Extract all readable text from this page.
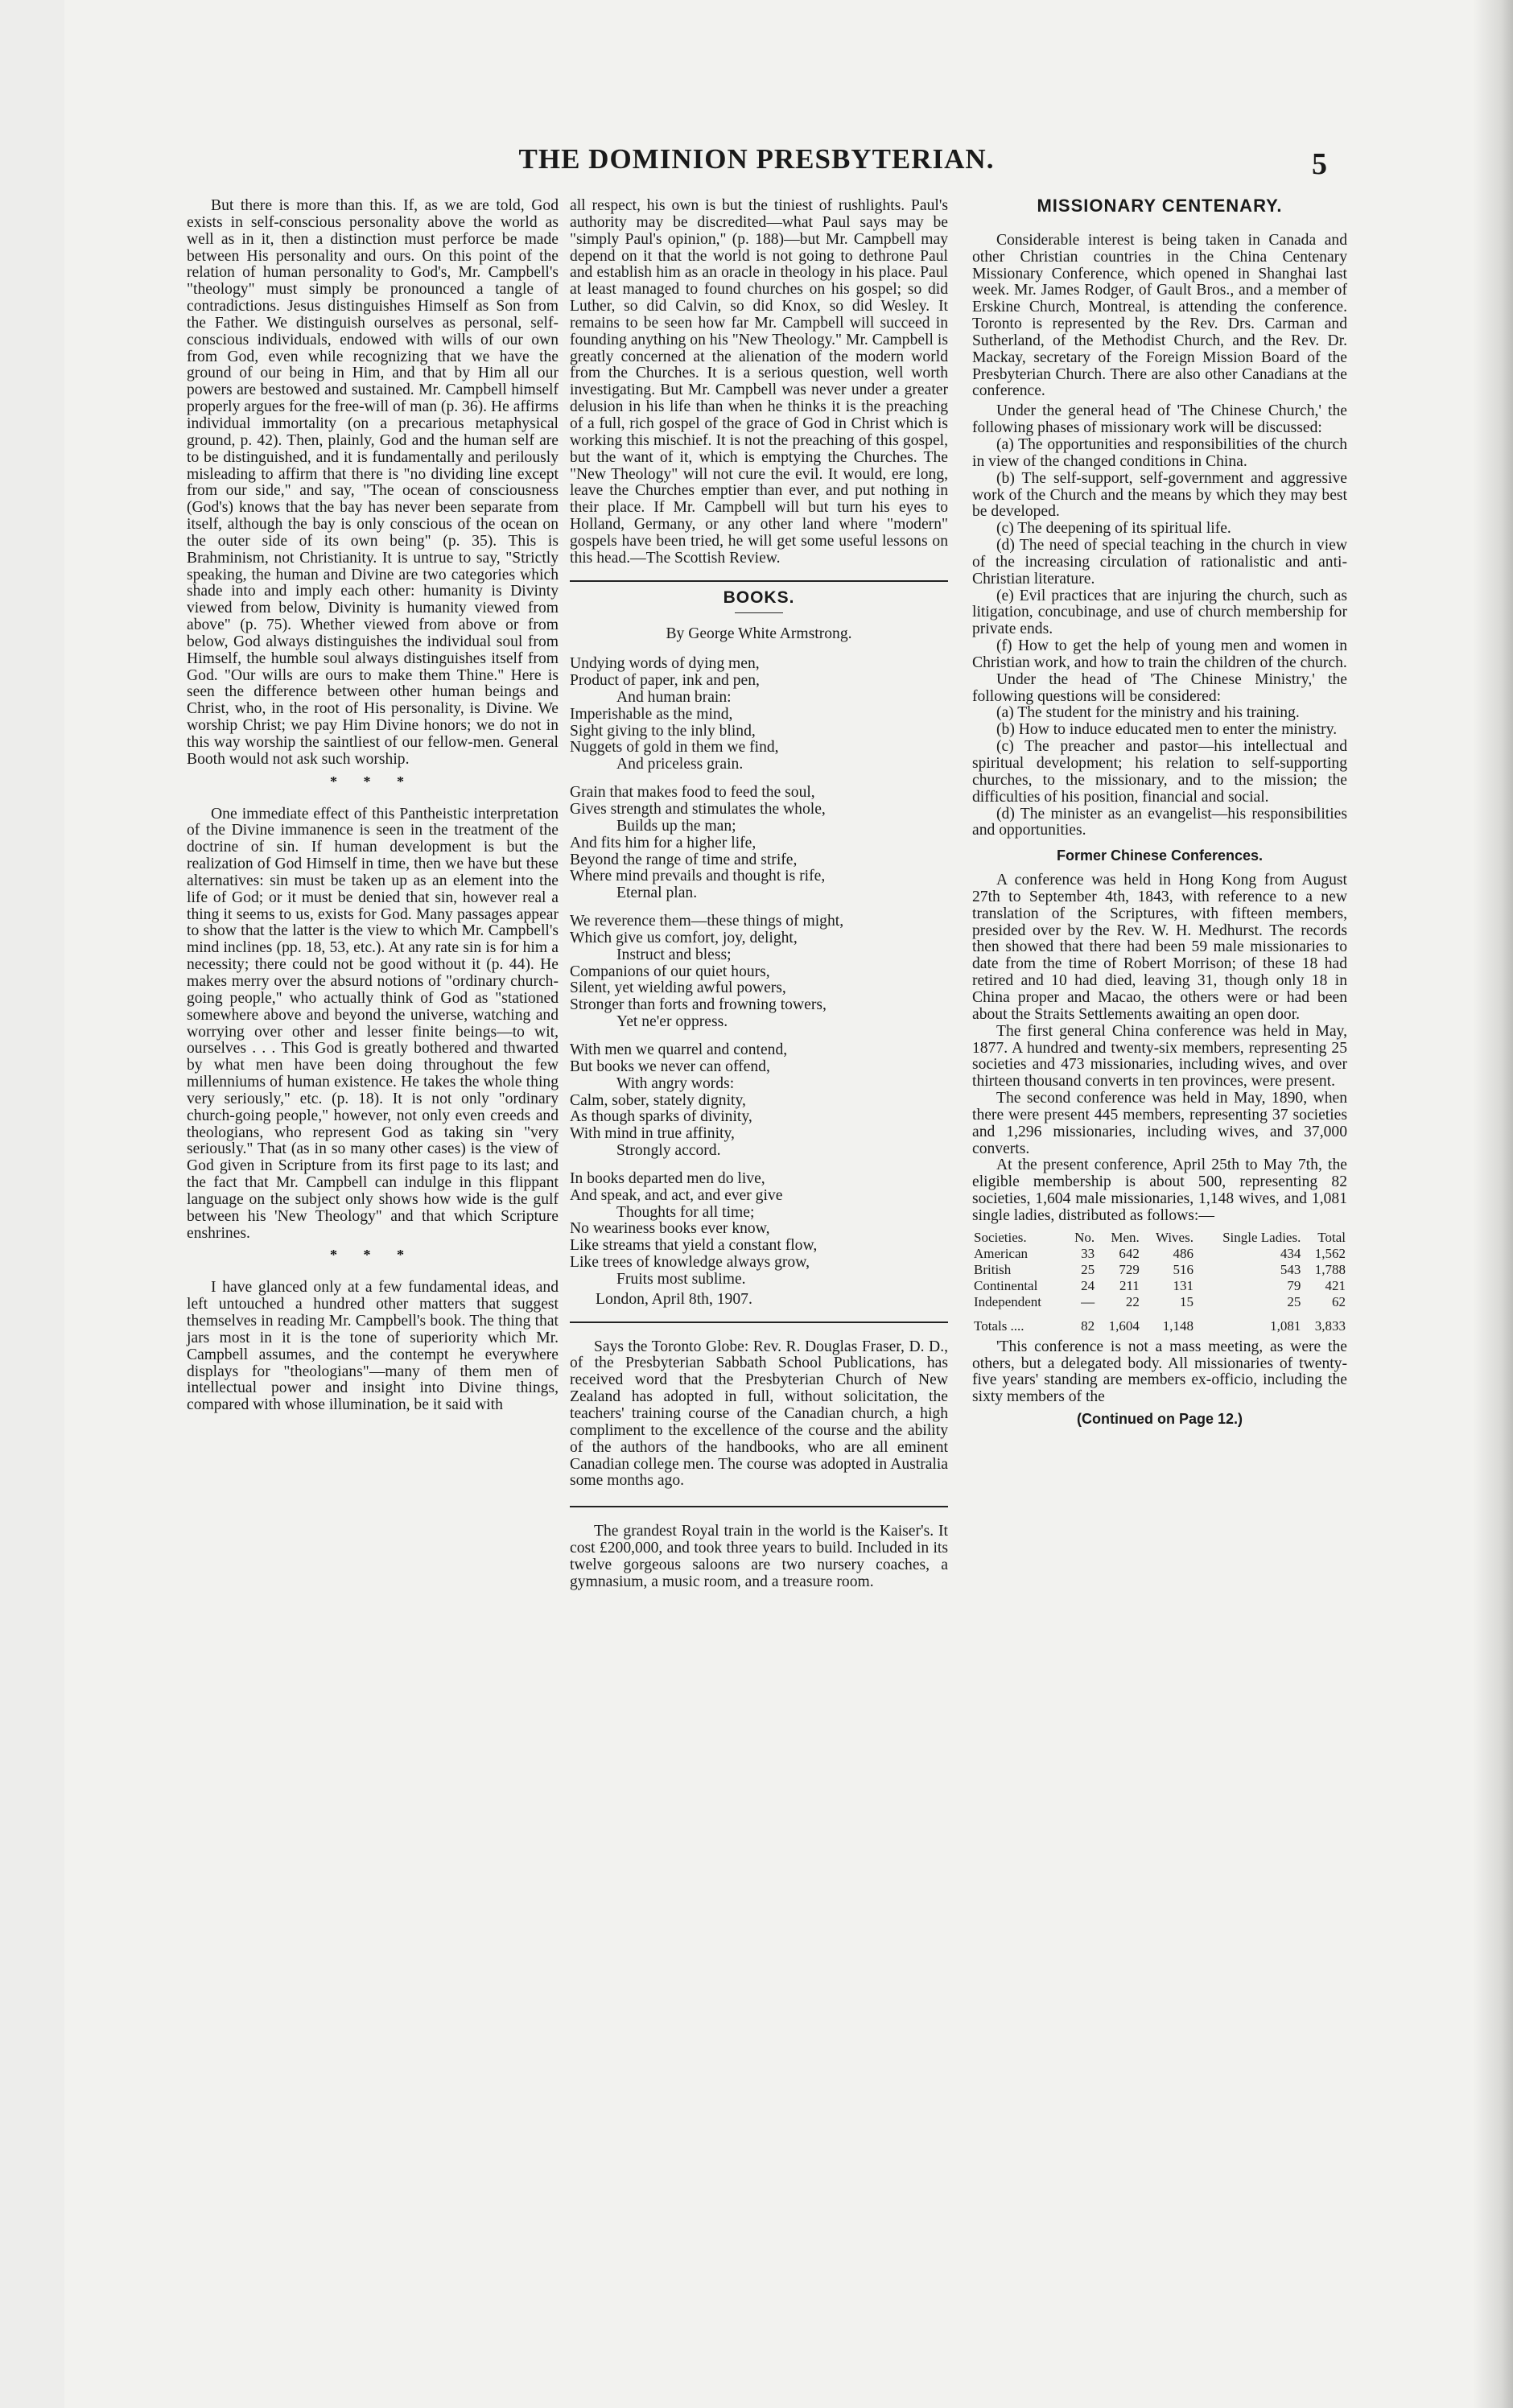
THE DOMINION PRESBYTERIAN.	5

But there is more than this. If, as we are told, God exists in self-conscious personality above the world as well as in it, then a distinction must perforce be made between His personality and ours. On this point of the relation of human personality to God's, Mr. Campbell's "theology" must simply be pronounced a tangle of contradictions. Jesus distinguishes Himself as Son from the Father. We distinguish ourselves as personal, self-conscious individuals, endowed with wills of our own from God, even while recognizing that we have the ground of our being in Him, and that by Him all our powers are bestowed and sustained. Mr. Campbell himself properly argues for the free-will of man (p. 36). He affirms individual immortality (on a precarious metaphysical ground, p. 42). Then, plainly, God and the human self are to be distinguished, and it is fundamentally and perilously misleading to affirm that there is "no dividing line except from our side," and say, "The ocean of consciousness (God's) knows that the bay has never been separate from itself, although the bay is only conscious of the ocean on the outer side of its own being" (p. 35). This is Brahminism, not Christianity. It is untrue to say, "Strictly speaking, the human and Divine are two categories which shade into and imply each other: humanity is Divinty viewed from below, Divinity is humanity viewed from above" (p. 75). Whether viewed from above or from below, God always distinguishes the individual soul from Himself, the humble soul always distinguishes itself from God. "Our wills are ours to make them Thine." Here is seen the difference between other human beings and Christ, who, in the root of His personality, is Divine. We worship Christ; we pay Him Divine honors; we do not in this way worship the saintliest of our fellow-men. General Booth would not ask such worship.

* * *

One immediate effect of this Pantheistic interpretation of the Divine immanence is seen in the treatment of the doctrine of sin. If human development is but the realization of God Himself in time, then we have but these alternatives: sin must be taken up as an element into the life of God; or it must be denied that sin, however real a thing it seems to us, exists for God. Many passages appear to show that the latter is the view to which Mr. Campbell's mind inclines (pp. 18, 53, etc.). At any rate sin is for him a necessity; there could not be good without it (p. 44). He makes merry over the absurd notions of "ordinary church-going people," who actually think of God as "stationed somewhere above and beyond the universe, watching and worrying over other and lesser finite beings—to wit, ourselves . . . This God is greatly bothered and thwarted by what men have been doing throughout the few millenniums of human existence. He takes the whole thing very seriously," etc. (p. 18). It is not only "ordinary church-going people," however, not only even creeds and theologians, who represent God as taking sin "very seriously." That (as in so many other cases) is the view of God given in Scripture from its first page to its last; and the fact that Mr. Campbell can indulge in this flippant language on the subject only shows how wide is the gulf between his 'New Theology" and that which Scripture enshrines.

* * *

I have glanced only at a few fundamental ideas, and left untouched a hundred other matters that suggest themselves in reading Mr. Campbell's book. The thing that jars most in it is the tone of superiority which Mr. Campbell assumes, and the contempt he everywhere displays for "theologians"—many of them men of intellectual power and insight into Divine things, compared with whose illumination, be it said with

all respect, his own is but the tiniest of rushlights. Paul's authority may be discredited—what Paul says may be "simply Paul's opinion," (p. 188)—but Mr. Campbell may depend on it that the world is not going to dethrone Paul and establish him as an oracle in theology in his place. Paul at least managed to found churches on his gospel; so did Luther, so did Calvin, so did Knox, so did Wesley. It remains to be seen how far Mr. Campbell will succeed in founding anything on his "New Theology." Mr. Campbell is greatly concerned at the alienation of the modern world from the Churches. It is a serious question, well worth investigating. But Mr. Campbell was never under a greater delusion in his life than when he thinks it is the preaching of a full, rich gospel of the grace of God in Christ which is working this mischief. It is not the preaching of this gospel, but the want of it, which is emptying the Churches. The "New Theology" will not cure the evil. It would, ere long, leave the Churches emptier than ever, and put nothing in their place. If Mr. Campbell will but turn his eyes to Holland, Germany, or any other land where "modern" gospels have been tried, he will get some useful lessons on this head.—The Scottish Review.

BOOKS.
By George White Armstrong.
Undying words of dying men,
Product of paper, ink and pen,
And human brain:
Imperishable as the mind,
Sight giving to the inly blind,
Nuggets of gold in them we find,
And priceless grain.
Grain that makes food to feed the soul,
Gives strength and stimulates the whole,
Builds up the man;
And fits him for a higher life,
Beyond the range of time and strife,
Where mind prevails and thought is rife,
Eternal plan.
We reverence them—these things of might,
Which give us comfort, joy, delight,
Instruct and bless;
Companions of our quiet hours,
Silent, yet wielding awful powers,
Stronger than forts and frowning towers,
Yet ne'er oppress.
With men we quarrel and contend,
But books we never can offend,
With angry words:
Calm, sober, stately dignity,
As though sparks of divinity,
With mind in true affinity,
Strongly accord.
In books departed men do live,
And speak, and act, and ever give
Thoughts for all time;
No weariness books ever know,
Like streams that yield a constant flow,
Like trees of knowledge always grow,
Fruits most sublime.
London, April 8th, 1907.

Says the Toronto Globe: Rev. R. Douglas Fraser, D. D., of the Presbyterian Sabbath School Publications, has received word that the Presbyterian Church of New Zealand has adopted in full, without solicitation, the teachers' training course of the Canadian church, a high compliment to the excellence of the course and the ability of the authors of the handbooks, who are all eminent Canadian college men. The course was adopted in Australia some months ago.

The grandest Royal train in the world is the Kaiser's. It cost £200,000, and took three years to build. Included in its twelve gorgeous saloons are two nursery coaches, a gymnasium, a music room, and a treasure room.

MISSIONARY CENTENARY.

Considerable interest is being taken in Canada and other Christian countries in the China Centenary Missionary Conference, which opened in Shanghai last week. Mr. James Rodger, of Gault Bros., and a member of Erskine Church, Montreal, is attending the conference. Toronto is represented by the Rev. Drs. Carman and Sutherland, of the Methodist Church, and the Rev. Dr. Mackay, secretary of the Foreign Mission Board of the Presbyterian Church. There are also other Canadians at the conference.

Under the general head of 'The Chinese Church,' the following phases of missionary work will be discussed:

(a) The opportunities and responsibilities of the church in view of the changed conditions in China.

(b) The self-support, self-government and aggressive work of the Church and the means by which they may best be developed.

(c) The deepening of its spiritual life.

(d) The need of special teaching in the church in view of the increasing circulation of rationalistic and anti-Christian literature.

(e) Evil practices that are injuring the church, such as litigation, concubinage, and use of church membership for private ends.

(f) How to get the help of young men and women in Christian work, and how to train the children of the church.

Under the head of 'The Chinese Ministry,' the following questions will be considered:

(a) The student for the ministry and his training.

(b) How to induce educated men to enter the ministry.

(c) The preacher and pastor—his intellectual and spiritual development; his relation to self-supporting churches, to the missionary, and to the mission; the difficulties of his position, financial and social.

(d) The minister as an evangelist—his responsibilities and opportunities.

Former Chinese Conferences.

A conference was held in Hong Kong from August 27th to September 4th, 1843, with reference to a new translation of the Scriptures, with fifteen members, presided over by the Rev. W. H. Medhurst. The records then showed that there had been 59 male missionaries to date from the time of Robert Morrison; of these 18 had retired and 10 had died, leaving 31, though only 18 in China proper and Macao, the others were or had been about the Straits Settlements awaiting an open door.

The first general China conference was held in May, 1877. A hundred and twenty-six members, representing 25 societies and 473 missionaries, including wives, and over thirteen thousand converts in ten provinces, were present.

The second conference was held in May, 1890, when there were present 445 members, representing 37 societies and 1,296 missionaries, including wives, and 37,000 converts.

At the present conference, April 25th to May 7th, the eligible membership is about 500, representing 82 societies, 1,604 male missionaries, 1,148 wives, and 1,081 single ladies, distributed as follows:—

Societies.	No.	Men.	Wives.	Single Ladies.	Total
American	33	642	486	434	1,562
British	25	729	516	543	1,788
Continental	24	211	131	79	421
Independent	—	22	15	25	62
Totals ....	82	1,604	1,148	1,081	3,833

'This conference is not a mass meeting, as were the others, but a delegated body. All missionaries of twenty-five years' standing are members ex-officio, including the sixty members of the

(Continued on Page 12.)
